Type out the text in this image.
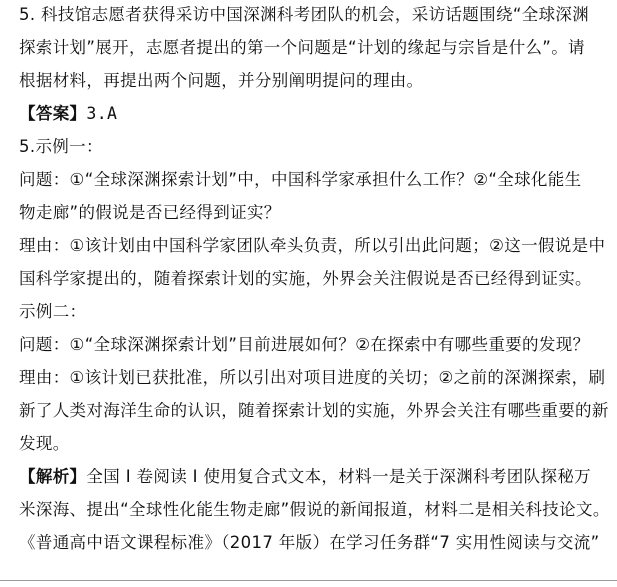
5. 科技馆志愿者获得采访中国深渊科考团队的机会，采访话题围绕“全球深渊
探索计划”展开，志愿者提出的第一个问题是“计划的缘起与宗旨是什么”。请
根据材料，再提出两个问题，并分别阐明提问的理由。
【答案】3.A
5.示例一：
问题：①“全球深渊探索计划”中，中国科学家承担什么工作？②“全球化能生
物走廊”的假说是否已经得到证实？
理由：①该计划由中国科学家团队牵头负责，所以引出此问题；②这一假说是中
国科学家提出的，随着探索计划的实施，外界会关注假说是否已经得到证实。
示例二：
问题：①“全球深渊探索计划”目前进展如何？②在探索中有哪些重要的发现？
理由：①该计划已获批准，所以引出对项目进度的关切；②之前的深渊探索，刷
新了人类对海洋生命的认识，随着探索计划的实施，外界会关注有哪些重要的新
发现。
【解析】全国 Ⅰ 卷阅读 Ⅰ 使用复合式文本，材料一是关于深渊科考团队探秘万
米深海、提出“全球性化能生物走廊”假说的新闻报道，材料二是相关科技论文。
《普通高中语文课程标准》（2017 年版）在学习任务群“7 实用性阅读与交流”
